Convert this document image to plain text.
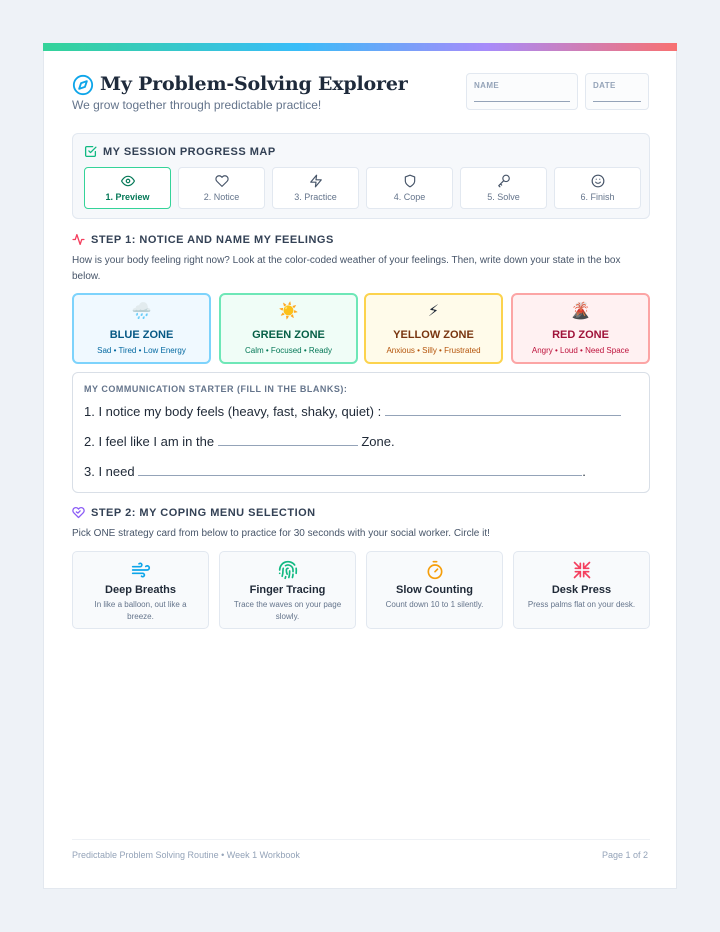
My Problem-Solving Explorer
We grow together through predictable practice!
NAME	DATE
MY SESSION PROGRESS MAP
1. Preview	2. Notice	3. Practice	4. Cope	5. Solve	6. Finish
STEP 1: NOTICE AND NAME MY FEELINGS
How is your body feeling right now? Look at the color-coded weather of your feelings. Then, write down your state in the box below.
🌧️
BLUE ZONE
Sad • Tired • Low Energy
☀️
GREEN ZONE
Calm • Focused • Ready
⚡
YELLOW ZONE
Anxious • Silly • Frustrated
🌋
RED ZONE
Angry • Loud • Need Space
MY COMMUNICATION STARTER (FILL IN THE BLANKS):
1. I notice my body feels (heavy, fast, shaky, quiet) :
2. I feel like I am in the	Zone.
3. I need	.
STEP 2: MY COPING MENU SELECTION
Pick ONE strategy card from below to practice for 30 seconds with your social worker. Circle it!
Deep Breaths
In like a balloon, out like a breeze.
Finger Tracing
Trace the waves on your page slowly.
Slow Counting
Count down 10 to 1 silently.
Desk Press
Press palms flat on your desk.
Predictable Problem Solving Routine • Week 1 Workbook	Page 1 of 2
